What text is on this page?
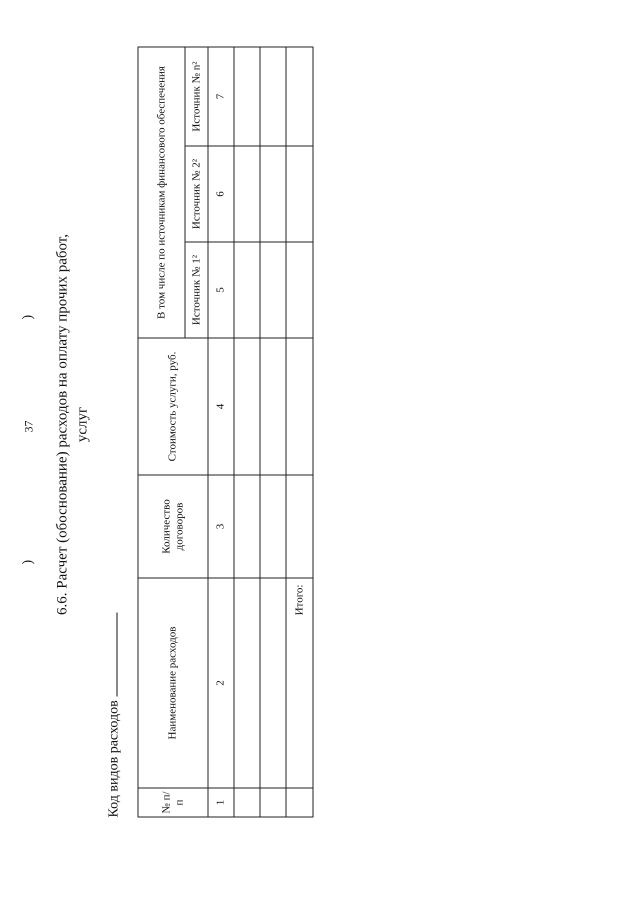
)
37
) 6.6. Расчет (обоснование) расходов на оплату прочих работ, услуг
Код видов расходов	№ п/п	Наименование расходов	Количество договоров	Стоимость услуги, руб.	В том числе по источникам финансового обеспечения		
				Источник № 1²	Источник № 2²	Источник № n²
1	2	3	4	5	6	7

	Итого:					
